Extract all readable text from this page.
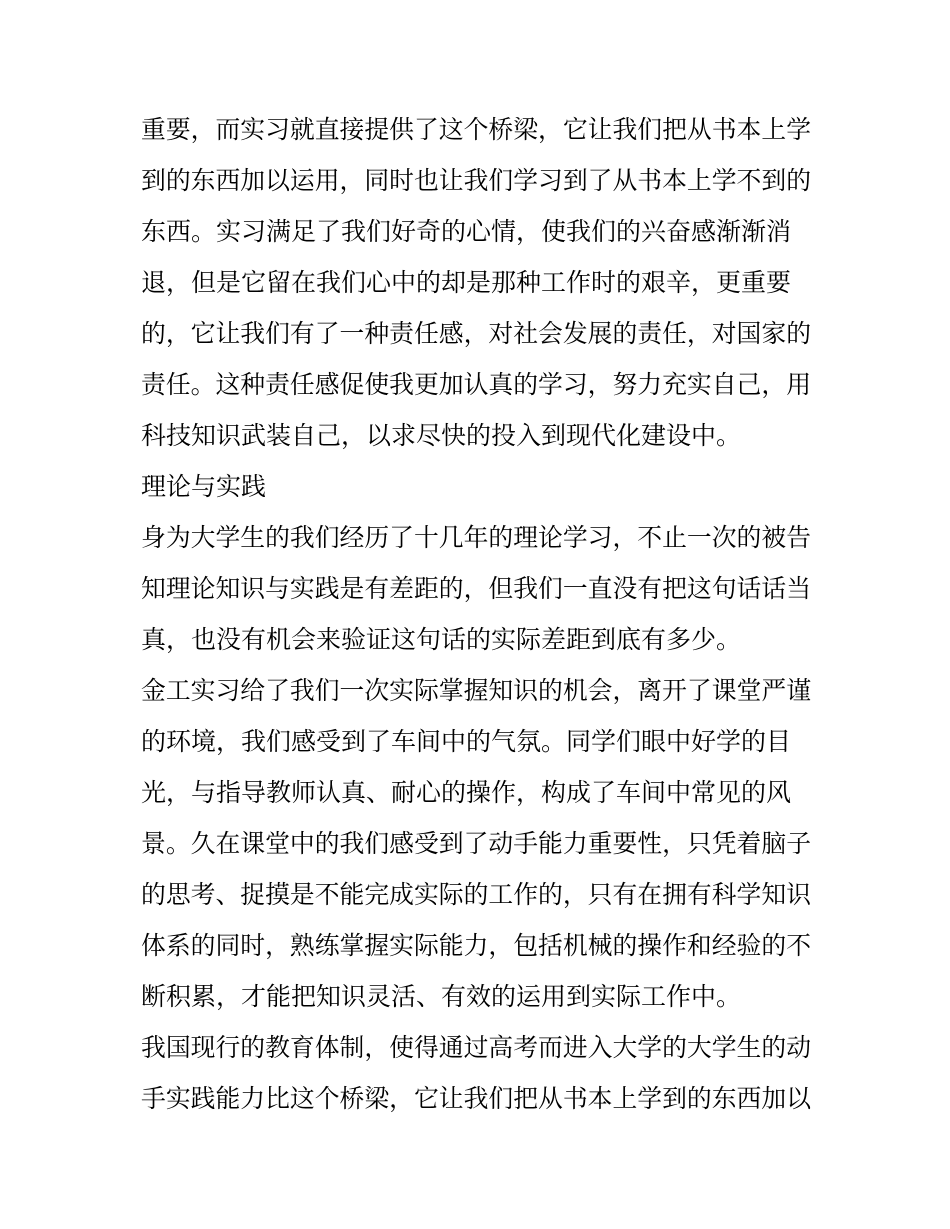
重要，而实习就直接提供了这个桥梁，它让我们把从书本上学
到的东西加以运用，同时也让我们学习到了从书本上学不到的
东西。实习满足了我们好奇的心情，使我们的兴奋感渐渐消
退，但是它留在我们心中的却是那种工作时的艰辛，更重要
的，它让我们有了一种责任感，对社会发展的责任，对国家的
责任。这种责任感促使我更加认真的学习，努力充实自己，用
科技知识武装自己，以求尽快的投入到现代化建设中。
理论与实践
身为大学生的我们经历了十几年的理论学习，不止一次的被告
知理论知识与实践是有差距的，但我们一直没有把这句话话当
真，也没有机会来验证这句话的实际差距到底有多少。
金工实习给了我们一次实际掌握知识的机会，离开了课堂严谨
的环境，我们感受到了车间中的气氛。同学们眼中好学的目
光，与指导教师认真、耐心的操作，构成了车间中常见的风
景。久在课堂中的我们感受到了动手能力重要性，只凭着脑子
的思考、捉摸是不能完成实际的工作的，只有在拥有科学知识
体系的同时，熟练掌握实际能力，包括机械的操作和经验的不
断积累，才能把知识灵活、有效的运用到实际工作中。
我国现行的教育体制，使得通过高考而进入大学的大学生的动
手实践能力比这个桥梁，它让我们把从书本上学到的东西加以
